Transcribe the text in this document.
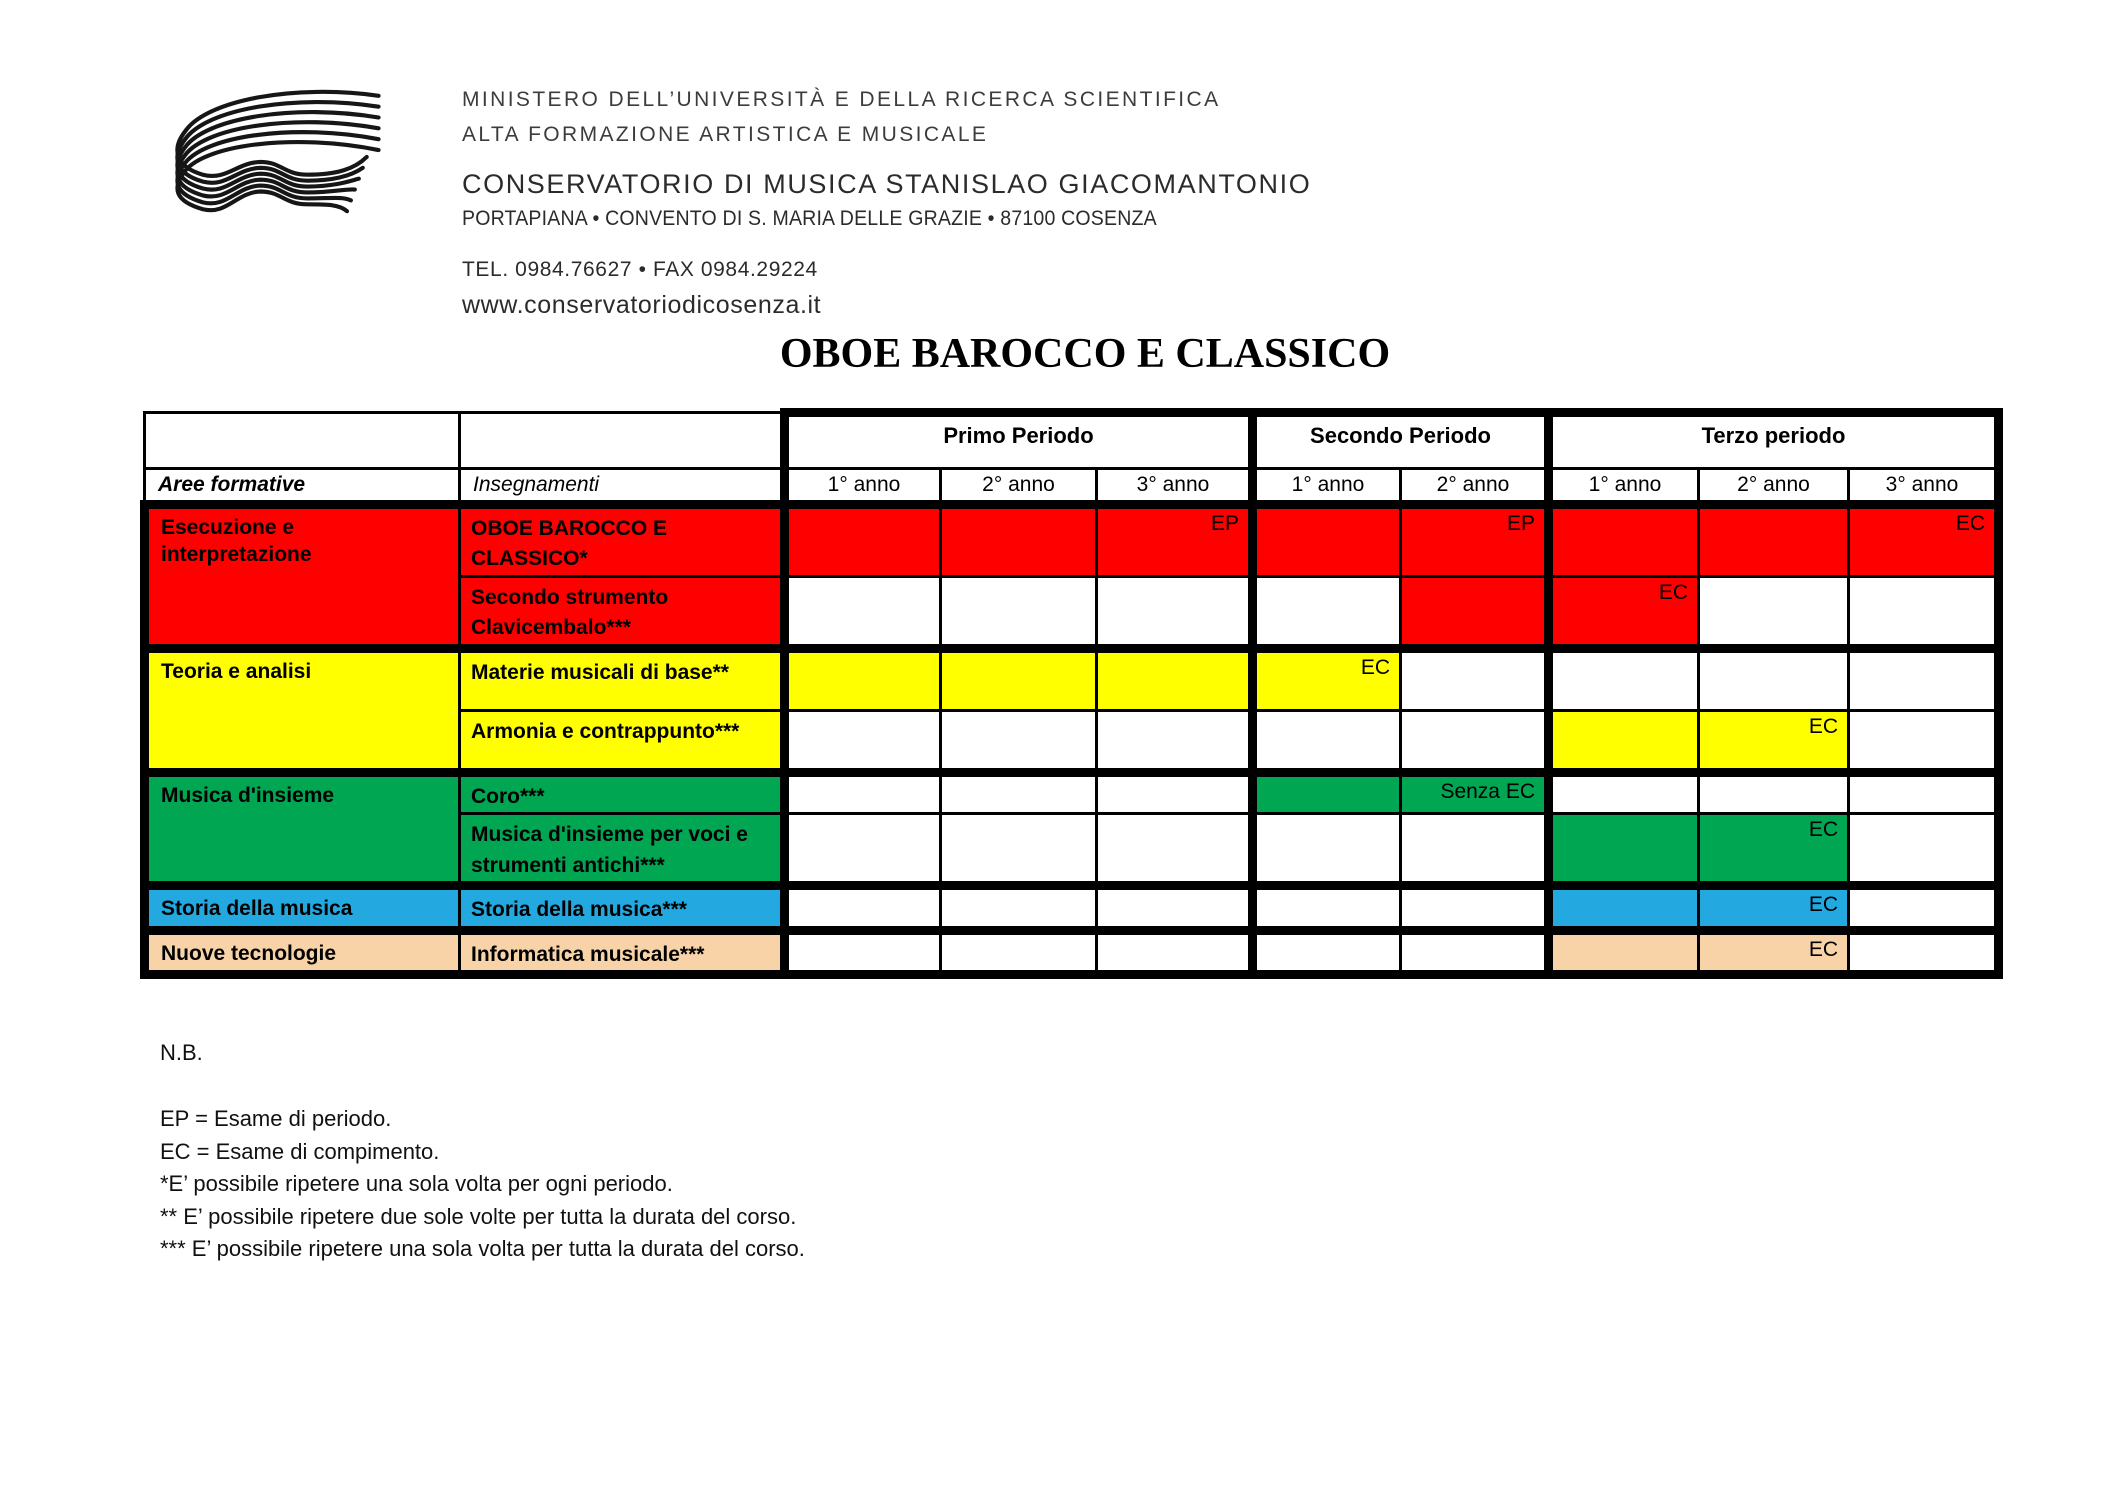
MINISTERO DELL’UNIVERSITÀ E DELLA RICERCA SCIENTIFICA
ALTA FORMAZIONE ARTISTICA E MUSICALE
CONSERVATORIO DI MUSICA STANISLAO GIACOMANTONIO
PORTAPIANA • CONVENTO DI S. MARIA DELLE GRAZIE • 87100 COSENZA
TEL. 0984.76627 • FAX 0984.29224
www.conservatoriodicosenza.it
OBOE BAROCCO E CLASSICO
		Primo Periodo			Secondo Periodo		Terzo periodo		
Aree formative	Insegnamenti	1° anno	2° anno	3° anno	1° anno	2° anno	1° anno	2° anno	3° anno
Esecuzione e interpretazione	OBOE BAROCCO E CLASSICO*			EP		EP			EC
	Secondo strumento Clavicembalo***						EC		
Teoria e analisi	Materie musicali di base**				EC				
	Armonia e contrappunto***							EC	
Musica d'insieme	Coro***					Senza EC			
	Musica d'insieme per voci e strumenti antichi***							EC	
Storia della musica	Storia della musica***							EC	
Nuove tecnologie	Informatica musicale***							EC	
N.B.
EP = Esame di periodo.
EC = Esame di compimento.
*E’ possibile ripetere una sola volta per ogni periodo.
** E’ possibile ripetere due sole volte per tutta la durata del corso.
*** E’ possibile ripetere una sola volta per tutta la durata del corso.
